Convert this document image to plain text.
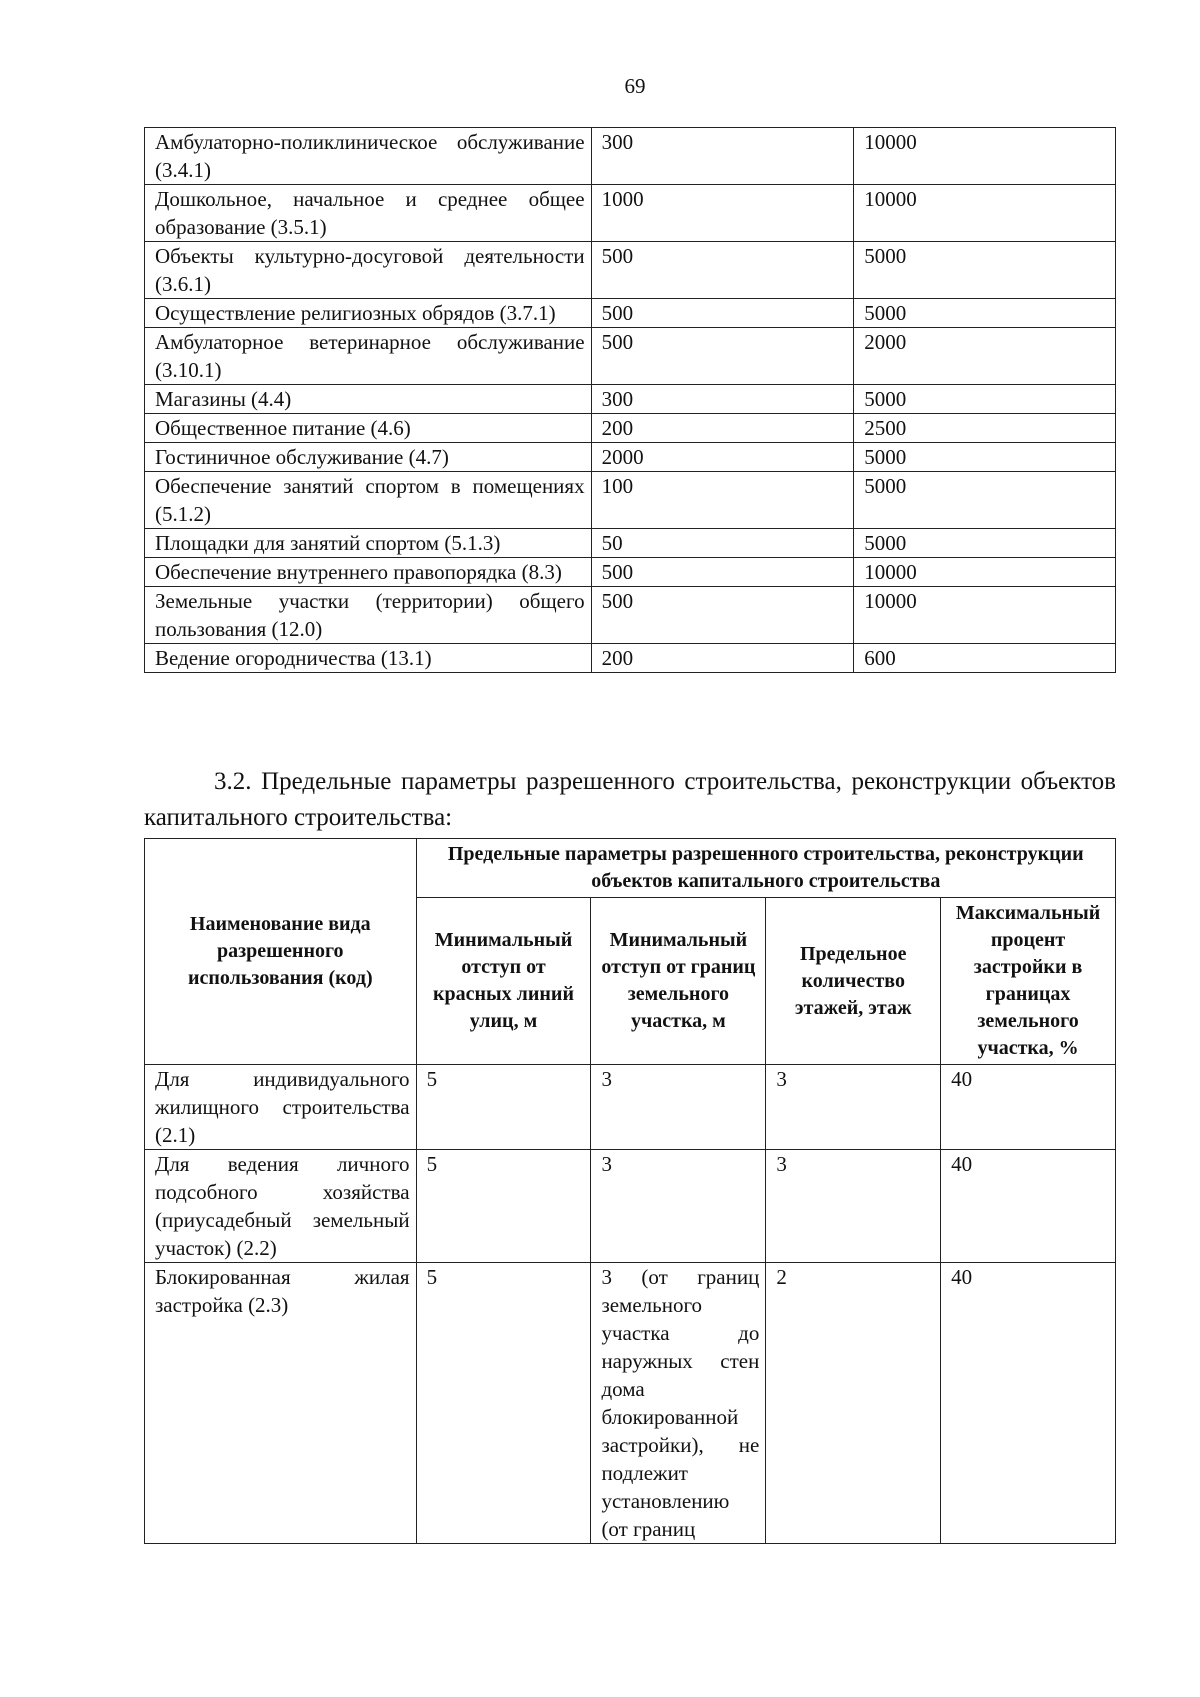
69
Амбулаторно-поликлиническое обслуживание (3.4.1)	300	10000
Дошкольное, начальное и среднее общее образование (3.5.1)	1000	10000
Объекты культурно-досуговой деятельности (3.6.1)	500	5000
Осуществление религиозных обрядов (3.7.1)	500	5000
Амбулаторное ветеринарное обслуживание (3.10.1)	500	2000
Магазины (4.4)	300	5000
Общественное питание (4.6)	200	2500
Гостиничное обслуживание (4.7)	2000	5000
Обеспечение занятий спортом в помещениях (5.1.2)	100	5000
Площадки для занятий спортом (5.1.3)	50	5000
Обеспечение внутреннего правопорядка (8.3)	500	10000
Земельные участки (территории) общего пользования (12.0)	500	10000
Ведение огородничества (13.1)	200	600
3.2. Предельные параметры разрешенного строительства, реконструкции объектов капитального строительства:
Наименование вида разрешенного использования (код)	Предельные параметры разрешенного строительства, реконструкции объектов капитального строительства			
	Минимальный отступ от красных линий улиц, м	Минимальный отступ от границ земельного участка, м	Предельное количество этажей, этаж	Максимальный процент застройки в границах земельного участка, %
Для индивидуального жилищного строительства (2.1)	5	3	3	40
Для ведения личного подсобного хозяйства (приусадебный земельный участок) (2.2)	5	3	3	40
Блокированная жилая застройка (2.3)	5	3 (от границ земельного участка до наружных стен дома блокированной застройки), не подлежит установлению (от границ	2	40
